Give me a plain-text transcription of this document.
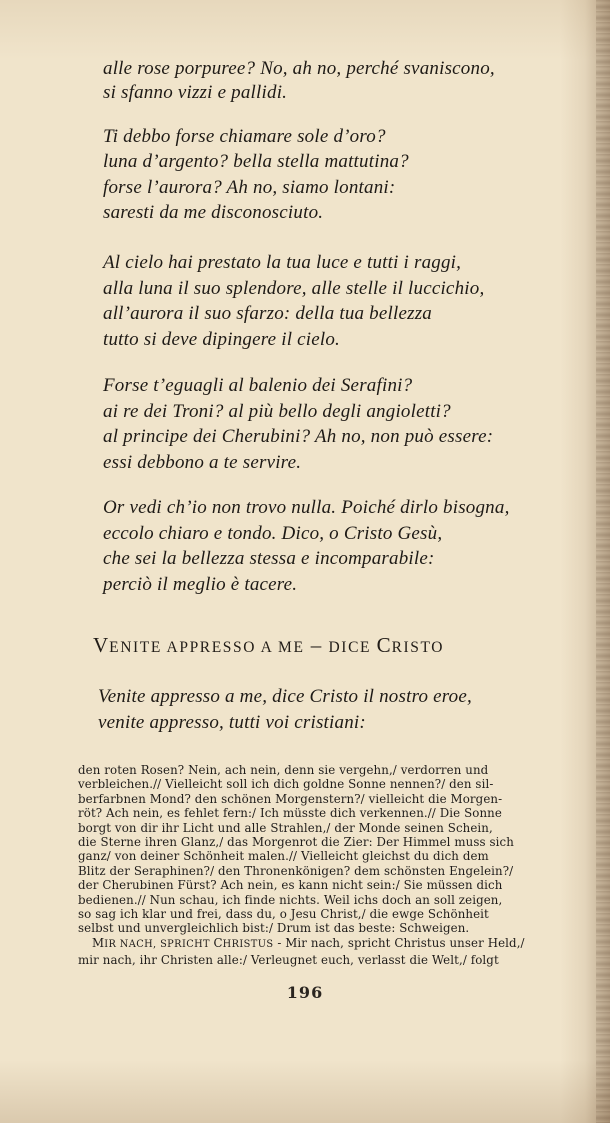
alle rose porpuree? No, ah no, perché svaniscono,
si sfanno vizzi e pallidi.
Ti debbo forse chiamare sole d’oro?
luna d’argento? bella stella mattutina?
forse l’aurora? Ah no, siamo lontani:
saresti da me disconosciuto.
Al cielo hai prestato la tua luce e tutti i raggi,
alla luna il suo splendore, alle stelle il luccichio,
all’aurora il suo sfarzo: della tua bellezza
tutto si deve dipingere il cielo.
Forse t’eguagli al balenio dei Serafini?
ai re dei Troni? al più bello degli angioletti?
al principe dei Cherubini? Ah no, non può essere:
essi debbono a te servire.
Or vedi ch’io non trovo nulla. Poiché dirlo bisogna,
eccolo chiaro e tondo. Dico, o Cristo Gesù,
che sei la bellezza stessa e incomparabile:
perciò il meglio è tacere.
VENITE APPRESSO A ME – DICE CRISTO
Venite appresso a me, dice Cristo il nostro eroe,
venite appresso, tutti voi cristiani:
den roten Rosen? Nein, ach nein, denn sie vergehn,/ verdorren und
verbleichen.// Vielleicht soll ich dich goldne Sonne nennen?/ den sil-
berfarbnen Mond? den schönen Morgenstern?/ vielleicht die Morgen-
röt? Ach nein, es fehlet fern:/ Ich müsste dich verkennen.// Die Sonne
borgt von dir ihr Licht und alle Strahlen,/ der Monde seinen Schein,
die Sterne ihren Glanz,/ das Morgenrot die Zier: Der Himmel muss sich
ganz/ von deiner Schönheit malen.// Vielleicht gleichst du dich dem
Blitz der Seraphinen?/ den Thronenkönigen? dem schönsten Engelein?/
der Cherubinen Fürst? Ach nein, es kann nicht sein:/ Sie müssen dich
bedienen.// Nun schau, ich finde nichts. Weil ichs doch an soll zeigen,
so sag ich klar und frei, dass du, o Jesu Christ,/ die ewge Schönheit
selbst und unvergleichlich bist:/ Drum ist das beste: Schweigen.
MIR NACH, SPRICHT CHRISTUS - Mir nach, spricht Christus unser Held,/
mir nach, ihr Christen alle:/ Verleugnet euch, verlasst die Welt,/ folgt
196
